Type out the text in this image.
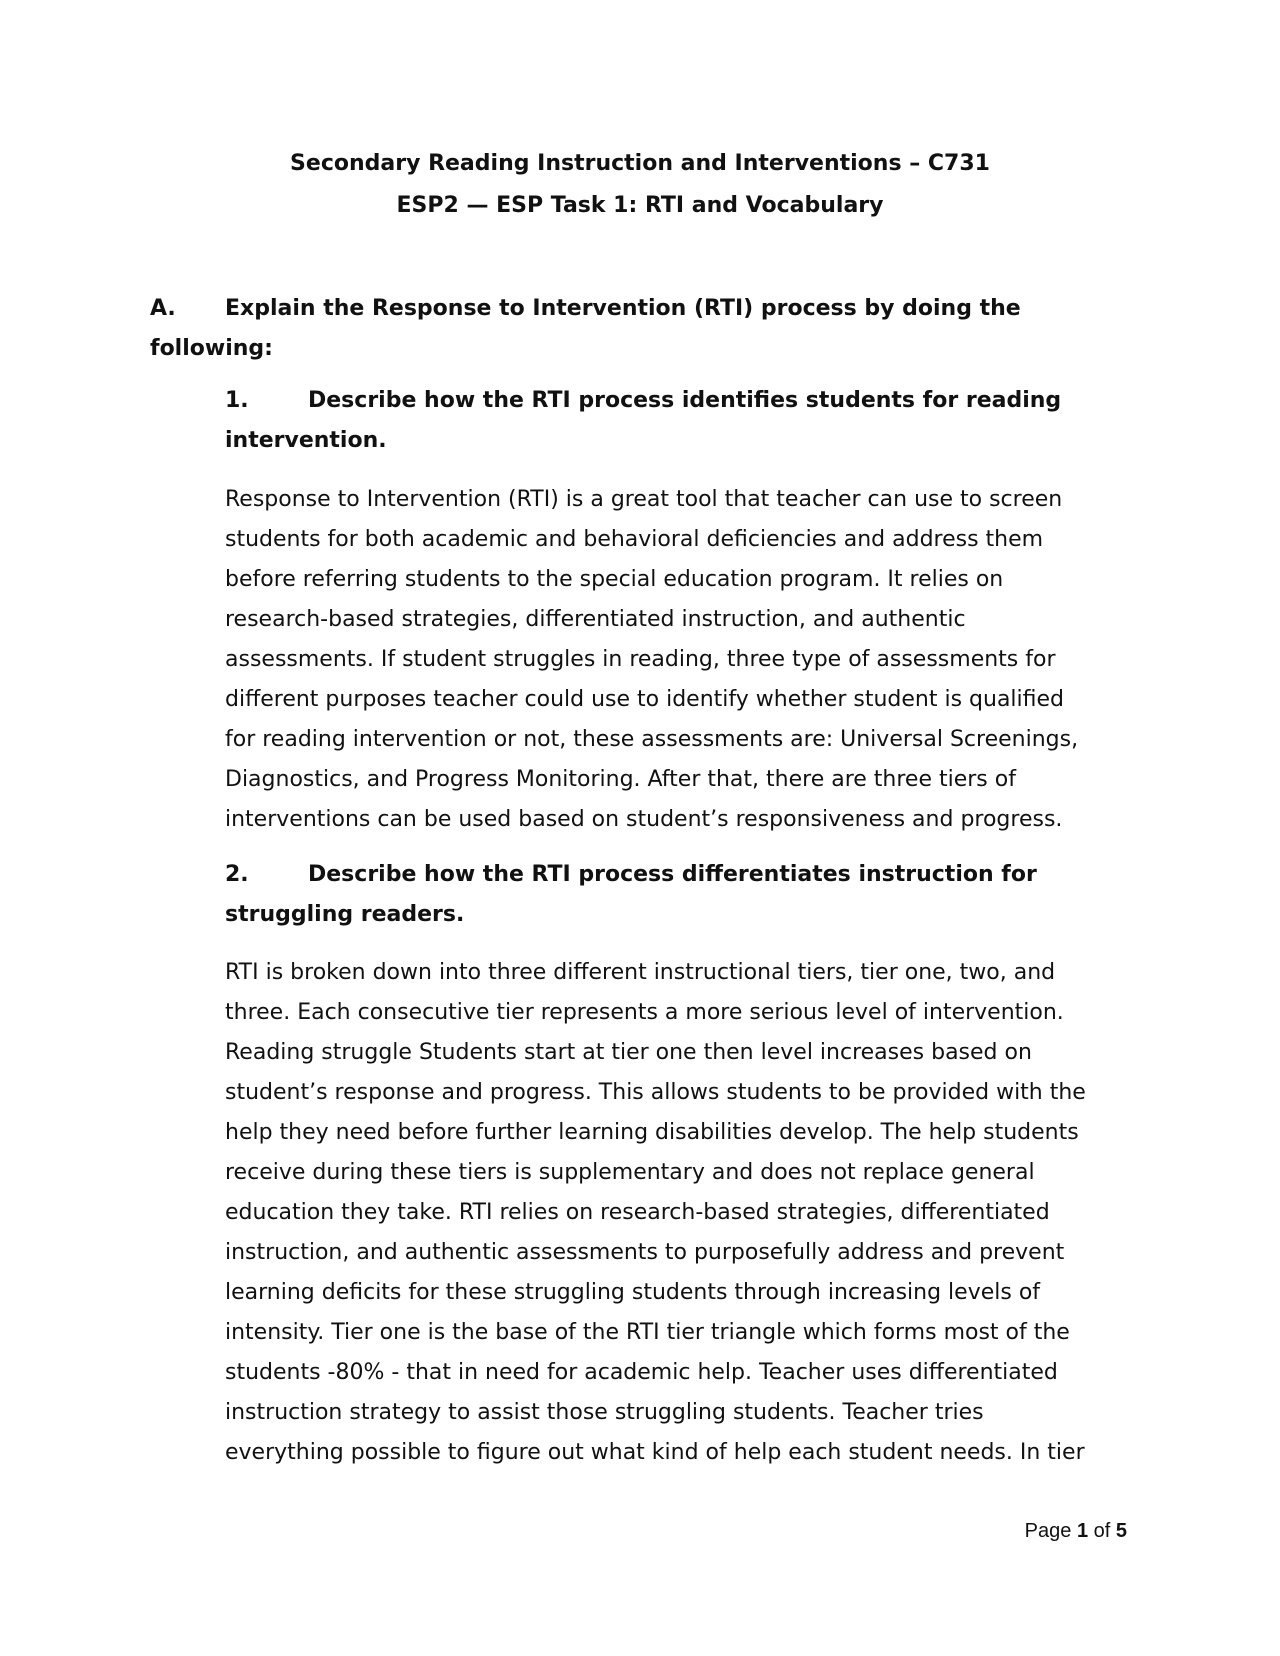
Secondary Reading Instruction and Interventions – C731
ESP2 — ESP Task 1: RTI and Vocabulary
A. Explain the Response to Intervention (RTI) process by doing the
following:
1.	Describe how the RTI process identifies students for reading
intervention.
Response to Intervention (RTI) is a great tool that teacher can use to screen
students for both academic and behavioral deficiencies and address them
before referring students to the special education program. It relies on
research-based strategies, differentiated instruction, and authentic
assessments. If student struggles in reading, three type of assessments for
different purposes teacher could use to identify whether student is qualified
for reading intervention or not, these assessments are: Universal Screenings,
Diagnostics, and Progress Monitoring. After that, there are three tiers of
interventions can be used based on student’s responsiveness and progress.
2.	Describe how the RTI process differentiates instruction for
struggling readers.
RTI is broken down into three different instructional tiers, tier one, two, and
three. Each consecutive tier represents a more serious level of intervention.
Reading struggle Students start at tier one then level increases based on
student’s response and progress. This allows students to be provided with the
help they need before further learning disabilities develop. The help students
receive during these tiers is supplementary and does not replace general
education they take. RTI relies on research-based strategies, differentiated
instruction, and authentic assessments to purposefully address and prevent
learning deficits for these struggling students through increasing levels of
intensity. Tier one is the base of the RTI tier triangle which forms most of the
students -80% - that in need for academic help. Teacher uses differentiated
instruction strategy to assist those struggling students. Teacher tries
everything possible to figure out what kind of help each student needs. In tier
Page 1 of 5
